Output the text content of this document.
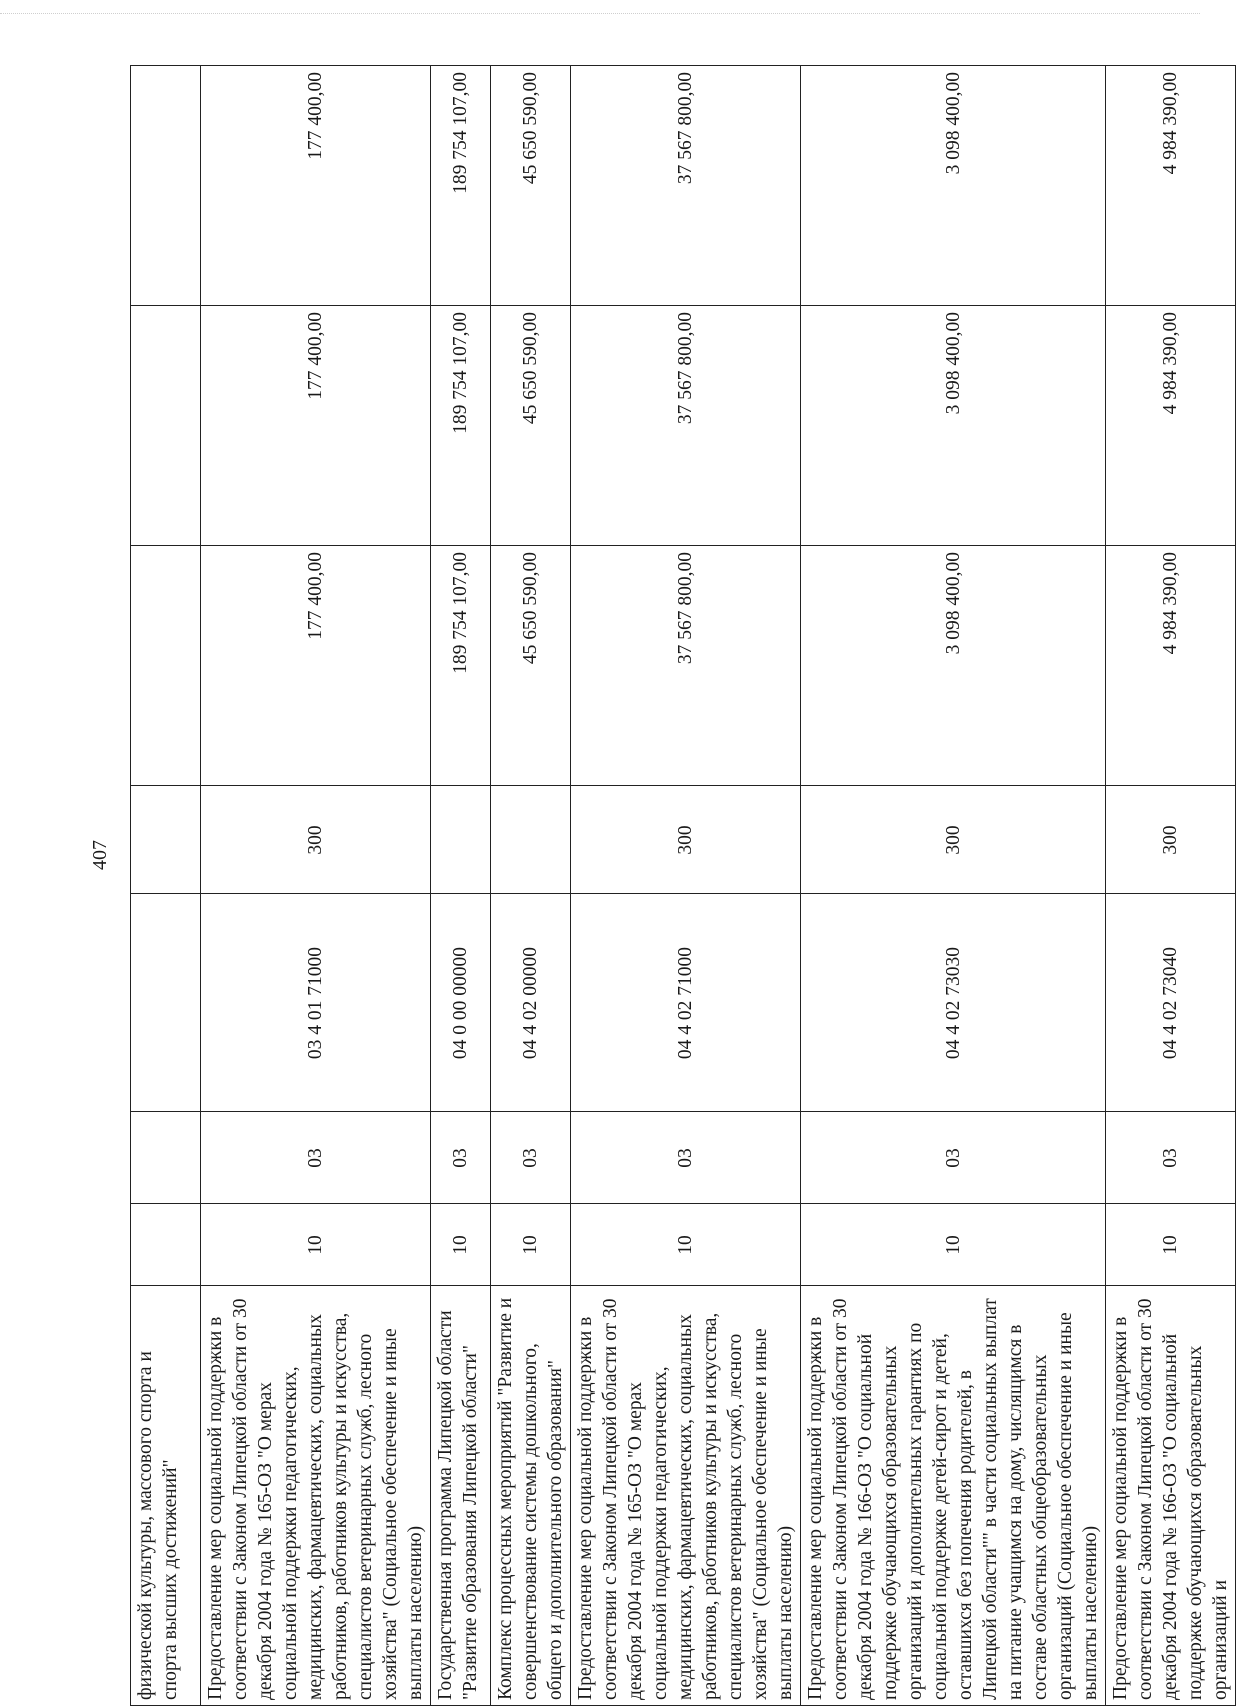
407
физической культуры, массового спорта и спорта высших достижений"							
Предоставление мер социальной поддержки в соответствии с Законом Липецкой области от 30 декабря 2004 года № 165-ОЗ "О мерах социальной поддержки педагогических, медицинских, фармацевтических, социальных работников, работников культуры и искусства, специалистов ветеринарных служб, лесного хозяйства" (Социальное обеспечение и иные выплаты населению)	10	03	03 4 01 71000	300	177 400,00	177 400,00	177 400,00
Государственная программа Липецкой области "Развитие образования Липецкой области"	10	03	04 0 00 00000		189 754 107,00	189 754 107,00	189 754 107,00
Комплекс процессных мероприятий "Развитие и совершенствование системы дошкольного, общего и дополнительного образования"	10	03	04 4 02 00000		45 650 590,00	45 650 590,00	45 650 590,00
Предоставление мер социальной поддержки в соответствии с Законом Липецкой области от 30 декабря 2004 года № 165-ОЗ "О мерах социальной поддержки педагогических, медицинских, фармацевтических, социальных работников, работников культуры и искусства, специалистов ветеринарных служб, лесного хозяйства" (Социальное обеспечение и иные выплаты населению)	10	03	04 4 02 71000	300	37 567 800,00	37 567 800,00	37 567 800,00
Предоставление мер социальной поддержки в соответствии с Законом Липецкой области от 30 декабря 2004 года № 166-ОЗ "О социальной поддержке обучающихся образовательных организаций и дополнительных гарантиях по социальной поддержке детей-сирот и детей, оставшихся без попечения родителей, в Липецкой области"" в части социальных выплат на питание учащимся на дому, числящимся в составе областных общеобразовательных организаций (Социальное обеспечение и иные выплаты населению)	10	03	04 4 02 73030	300	3 098 400,00	3 098 400,00	3 098 400,00
Предоставление мер социальной поддержки в соответствии с Законом Липецкой области от 30 декабря 2004 года № 166-ОЗ "О социальной поддержке обучающихся образовательных организаций и	10	03	04 4 02 73040	300	4 984 390,00	4 984 390,00	4 984 390,00
